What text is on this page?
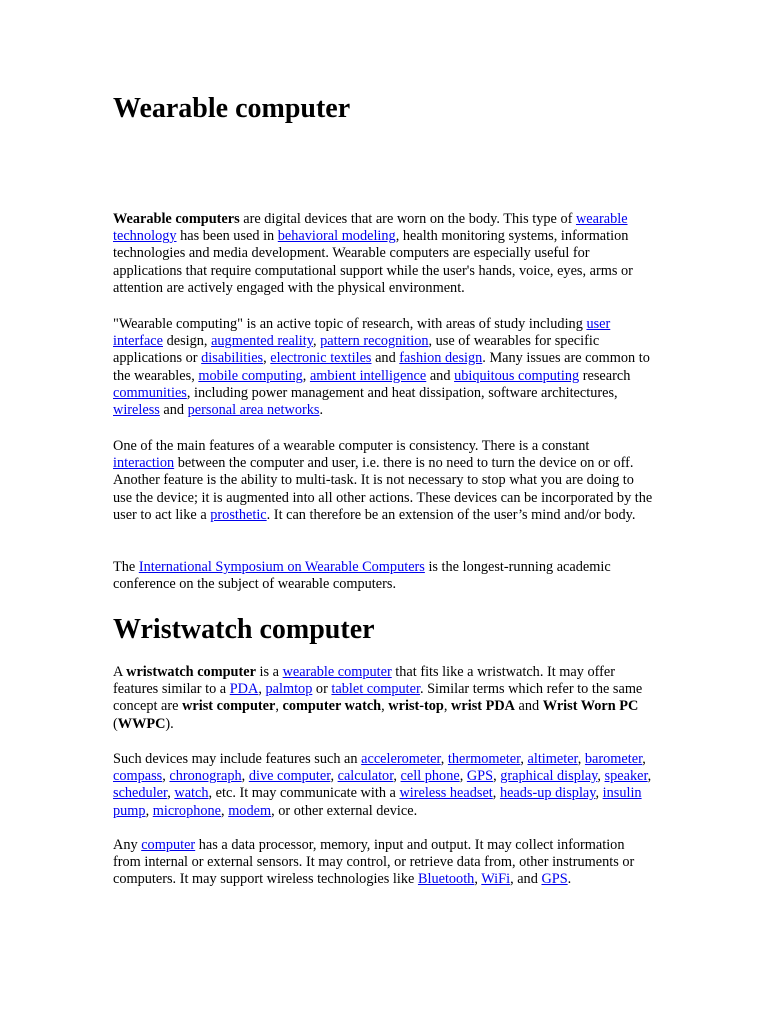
Wearable computer

Wearable computers are digital devices that are worn on the body. This type of wearable technology has been used in behavioral modeling, health monitoring systems, information technologies and media development. Wearable computers are especially useful for applications that require computational support while the user's hands, voice, eyes, arms or attention are actively engaged with the physical environment.

"Wearable computing" is an active topic of research, with areas of study including user interface design, augmented reality, pattern recognition, use of wearables for specific applications or disabilities, electronic textiles and fashion design. Many issues are common to the wearables, mobile computing, ambient intelligence and ubiquitous computing research communities, including power management and heat dissipation, software architectures, wireless and personal area networks.

One of the main features of a wearable computer is consistency. There is a constant interaction between the computer and user, i.e. there is no need to turn the device on or off. Another feature is the ability to multi-task. It is not necessary to stop what you are doing to use the device; it is augmented into all other actions. These devices can be incorporated by the user to act like a prosthetic. It can therefore be an extension of the user’s mind and/or body.

The International Symposium on Wearable Computers is the longest-running academic conference on the subject of wearable computers.

Wristwatch computer

A wristwatch computer is a wearable computer that fits like a wristwatch. It may offer features similar to a PDA, palmtop or tablet computer. Similar terms which refer to the same concept are wrist computer, computer watch, wrist-top, wrist PDA and Wrist Worn PC (WWPC).

Such devices may include features such an accelerometer, thermometer, altimeter, barometer, compass, chronograph, dive computer, calculator, cell phone, GPS, graphical display, speaker, scheduler, watch, etc. It may communicate with a wireless headset, heads-up display, insulin pump, microphone, modem, or other external device.

Any computer has a data processor, memory, input and output. It may collect information from internal or external sensors. It may control, or retrieve data from, other instruments or computers. It may support wireless technologies like Bluetooth, WiFi, and GPS.
